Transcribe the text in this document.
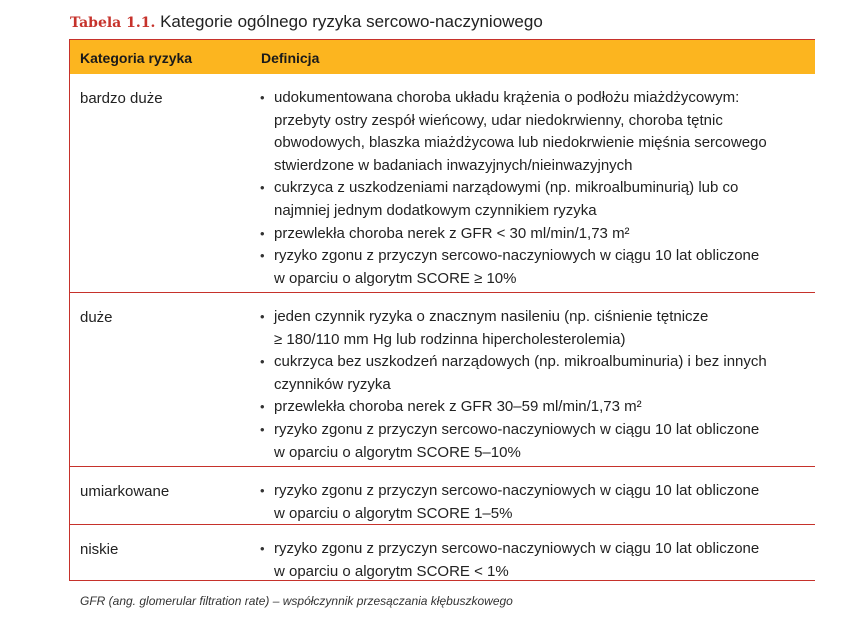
Tabela 1.1. Kategorie ogólnego ryzyka sercowo-naczyniowego
Kategoria ryzyka	Definicja
bardzo duże	• udokumentowana choroba układu krążenia o podłożu miażdżycowym:
przebyty ostry zespół wieńcowy, udar niedokrwienny, choroba tętnic
obwodowych, blaszka miażdżycowa lub niedokrwienie mięśnia sercowego
stwierdzone w badaniach inwazyjnych/nieinwazyjnych
• cukrzyca z uszkodzeniami narządowymi (np. mikroalbuminurią) lub co
najmniej jednym dodatkowym czynnikiem ryzyka
• przewlekła choroba nerek z GFR < 30 ml/min/1,73 m²
• ryzyko zgonu z przyczyn sercowo-naczyniowych w ciągu 10 lat obliczone
w oparciu o algorytm SCORE ≥ 10%
duże	• jeden czynnik ryzyka o znacznym nasileniu (np. ciśnienie tętnicze
≥ 180/110 mm Hg lub rodzinna hipercholesterolemia)
• cukrzyca bez uszkodzeń narządowych (np. mikroalbuminuria) i bez innych
czynników ryzyka
• przewlekła choroba nerek z GFR 30–59 ml/min/1,73 m²
• ryzyko zgonu z przyczyn sercowo-naczyniowych w ciągu 10 lat obliczone
w oparciu o algorytm SCORE 5–10%
umiarkowane	• ryzyko zgonu z przyczyn sercowo-naczyniowych w ciągu 10 lat obliczone
w oparciu o algorytm SCORE 1–5%
niskie	• ryzyko zgonu z przyczyn sercowo-naczyniowych w ciągu 10 lat obliczone
w oparciu o algorytm SCORE < 1%
GFR (ang. glomerular filtration rate) – współczynnik przesączania kłębuszkowego
